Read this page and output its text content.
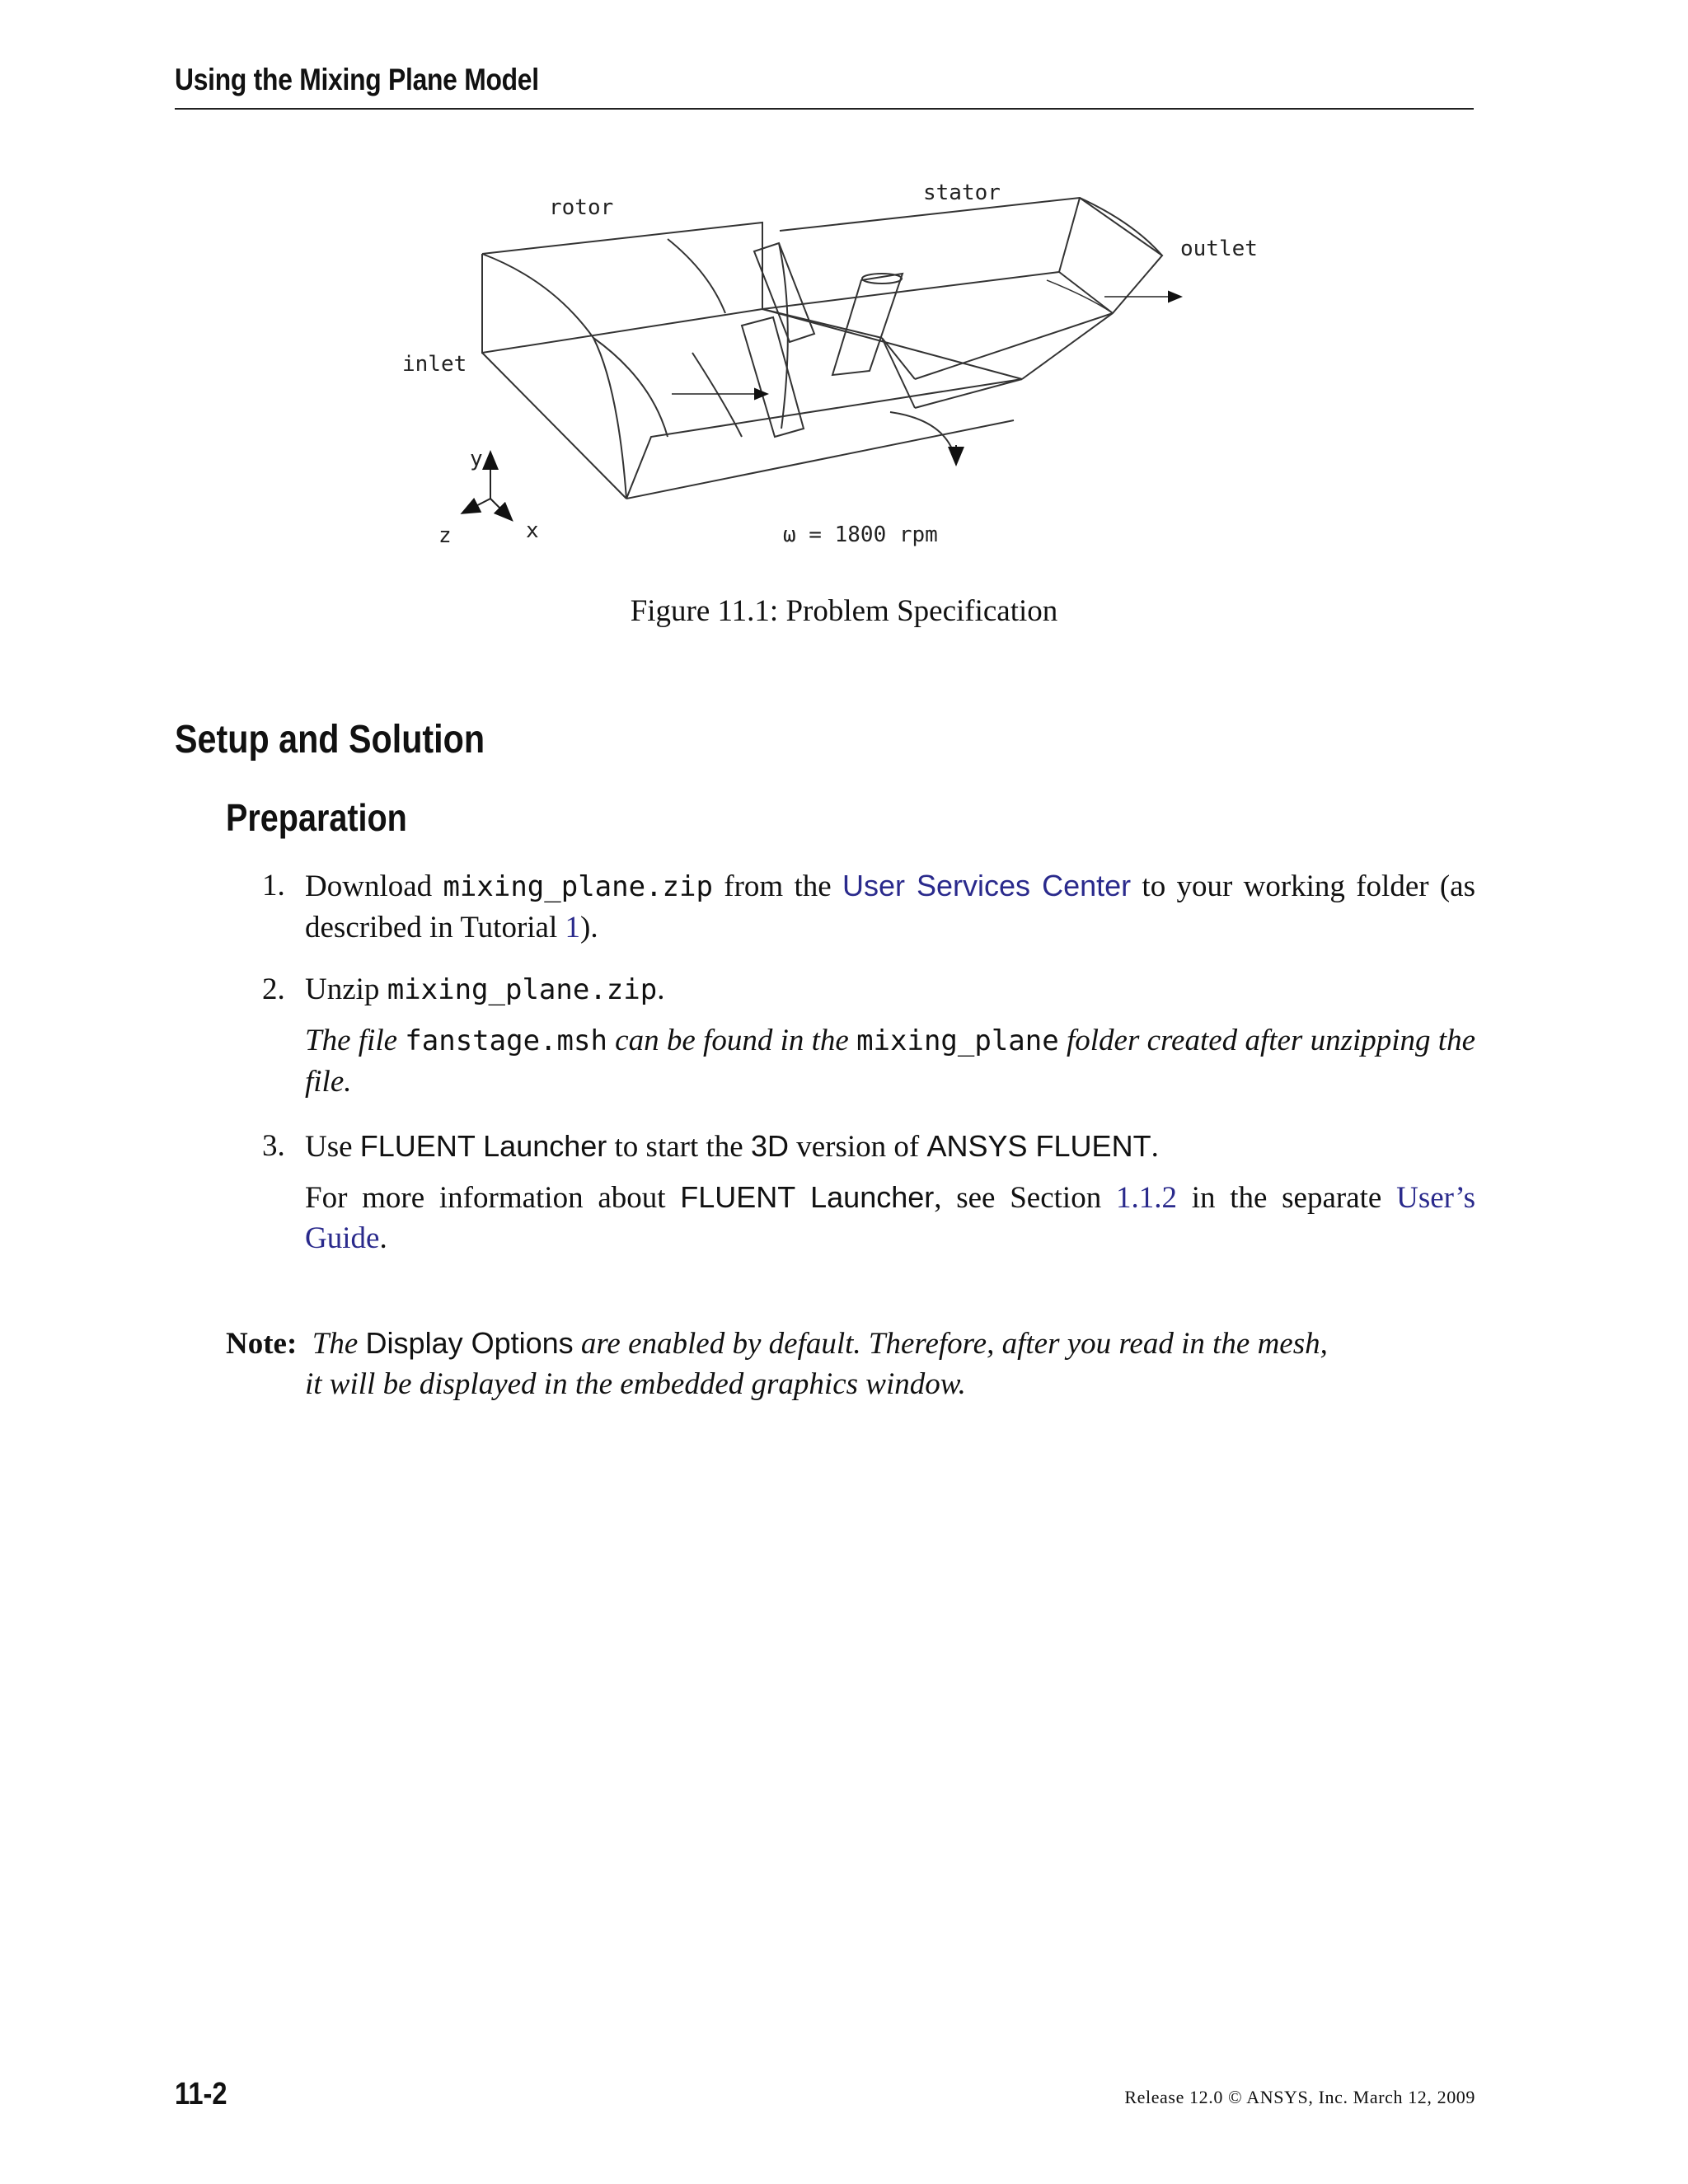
Using the Mixing Plane Model
rotor
stator
outlet
inlet
y
z	x	ω = 1800 rpm
Figure 11.1: Problem Specification
Setup and Solution
Preparation
1. Download mixing_plane.zip from the User Services Center to your working folder (as described in Tutorial 1).
2. Unzip mixing_plane.zip.
The file fanstage.msh can be found in the mixing_plane folder created after unzipping the file.
3. Use FLUENT Launcher to start the 3D version of ANSYS FLUENT.
For more information about FLUENT Launcher, see Section 1.1.2 in the separate User’s Guide.
Note: The Display Options are enabled by default. Therefore, after you read in the mesh,
it will be displayed in the embedded graphics window.
11-2	Release 12.0 © ANSYS, Inc. March 12, 2009
